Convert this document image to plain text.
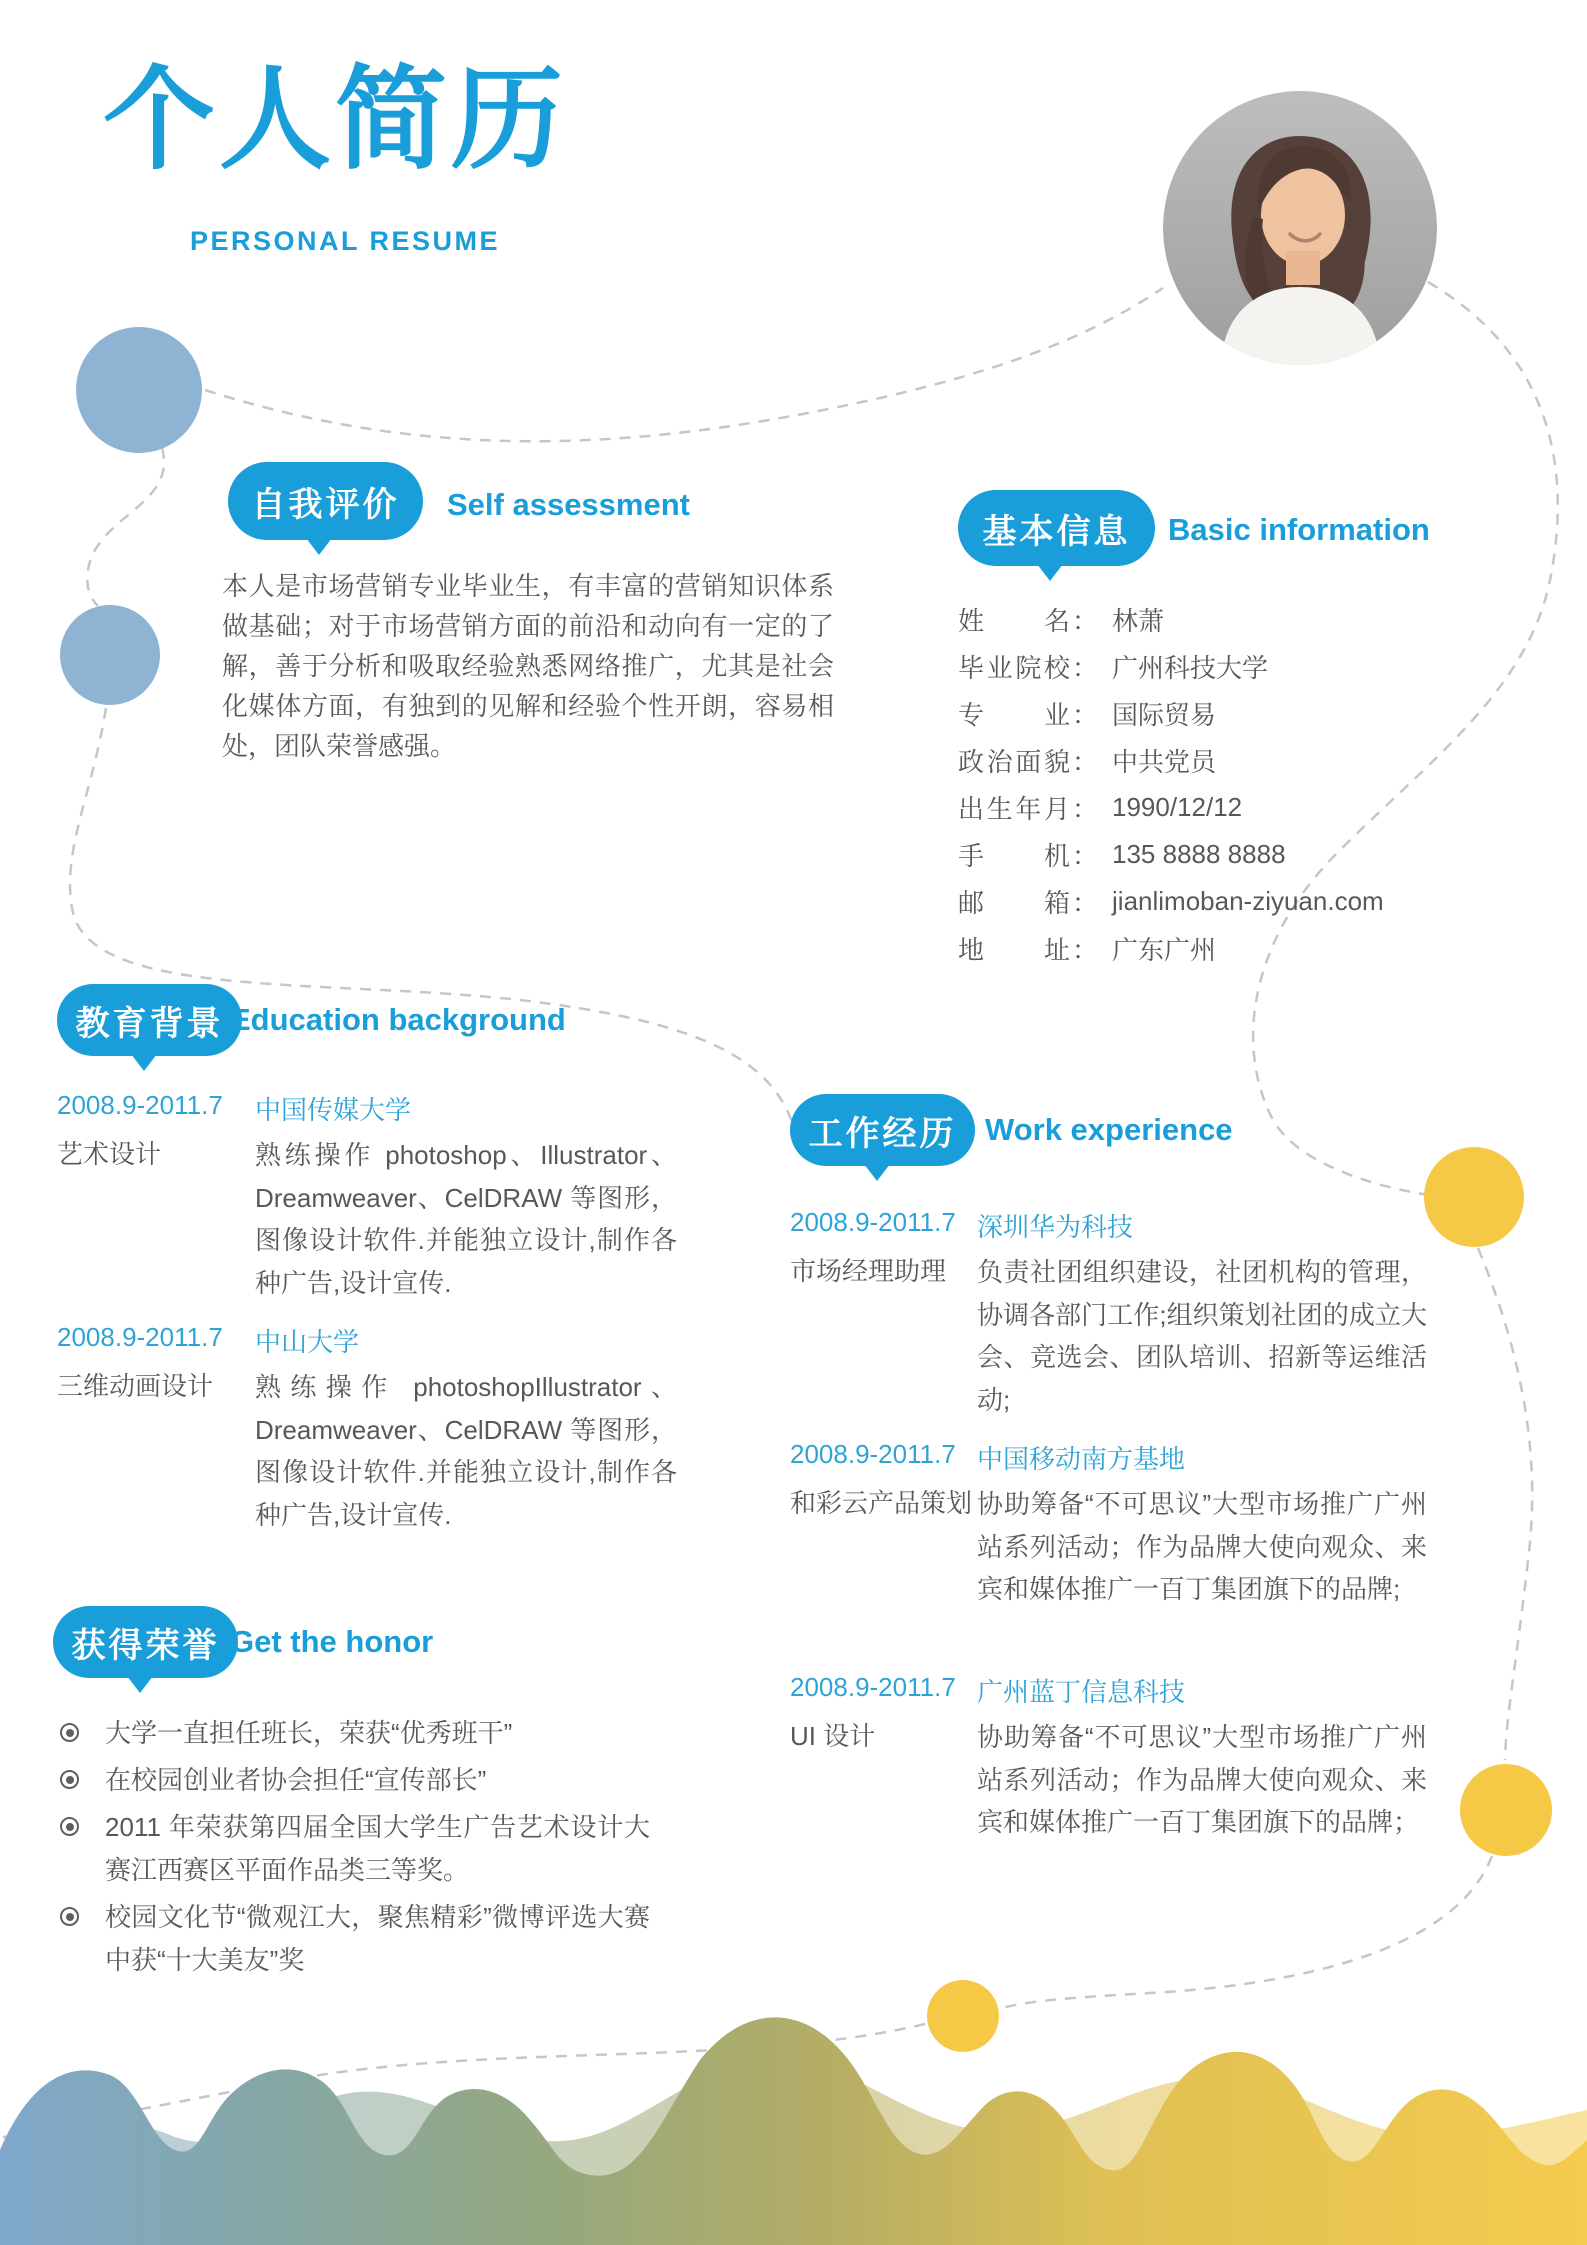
个人简历
PERSONAL RESUME
自我评价	Self assessment
本人是市场营销专业毕业生，有丰富的营销知识体系做基础；对于市场营销方面的前沿和动向有一定的了解，善于分析和吸取经验熟悉网络推广，尤其是社会化媒体方面，有独到的见解和经验个性开朗，容易相处，团队荣誉感强。
基本信息	Basic information
姓名 ： 林萧
毕业院校 ： 广州科技大学
专业 ： 国际贸易
政治面貌 ： 中共党员
出生年月 ： 1990/12/12
手机 ： 135 8888 8888
邮箱 ： jianlimoban-ziyuan.com
地址 ： 广东广州
教育背景 Education background
2008.9-2011.7
艺术设计
中国传媒大学
熟练操作 photoshop、Illustrator、Dreamweaver、CelDRAW 等图形，图像设计软件.并能独立设计,制作各种广告,设计宣传.
2008.9-2011.7
三维动画设计
中山大学
熟练操作 photoshopIllustrator、Dreamweaver、CelDRAW 等图形，图像设计软件.并能独立设计,制作各种广告,设计宣传.
获得荣誉 Get the honor
大学一直担任班长，荣获“优秀班干”
在校园创业者协会担任“宣传部长”
2011 年荣获第四届全国大学生广告艺术设计大赛江西赛区平面作品类三等奖。
校园文化节“微观江大，聚焦精彩”微博评选大赛中获“十大美友”奖
工作经历 Work experience
2008.9-2011.7
市场经理助理
深圳华为科技
负责社团组织建设，社团机构的管理，协调各部门工作;组织策划社团的成立大会、竞选会、团队培训、招新等运维活动;
2008.9-2011.7
和彩云产品策划
中国移动南方基地
协助筹备“不可思议”大型市场推广广州站系列活动；作为品牌大使向观众、来宾和媒体推广一百丁集团旗下的品牌;
2008.9-2011.7
UI 设计
广州蓝丁信息科技
协助筹备“不可思议”大型市场推广广州站系列活动；作为品牌大使向观众、来宾和媒体推广一百丁集团旗下的品牌；
